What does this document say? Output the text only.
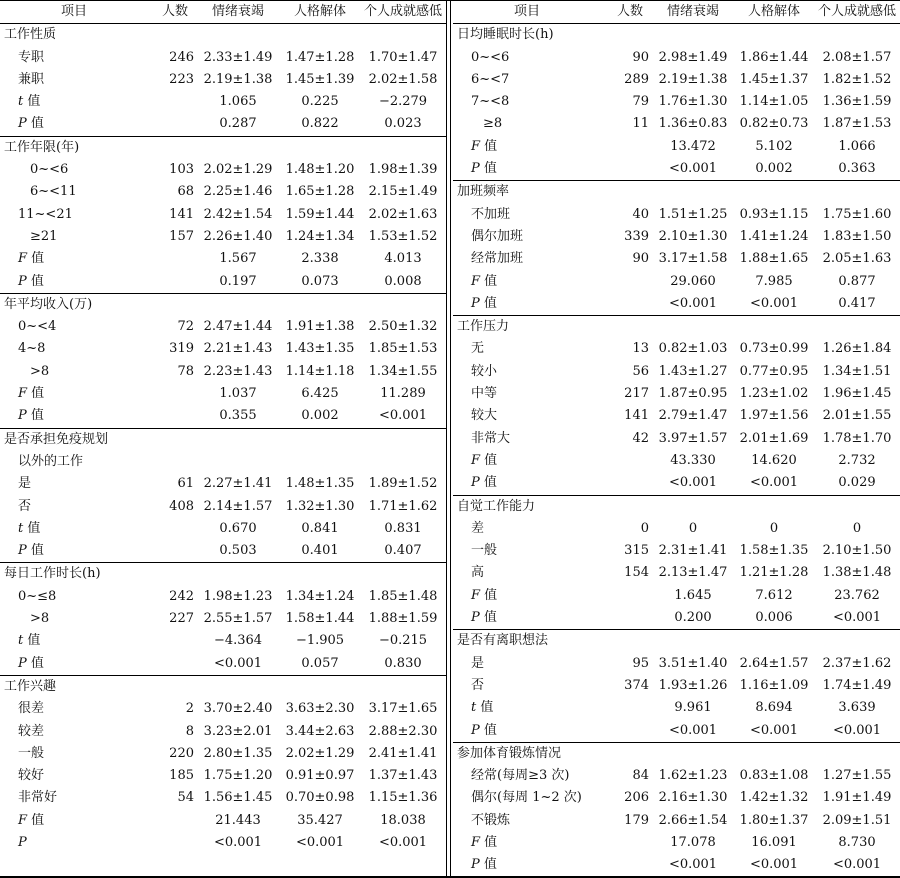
项目	人数	情绪衰竭	人格解体	个人成就感低
工作性质
专职	246 2.33±1.49 1.47±1.28	1.70±1.47
兼职	223 2.19±1.38 1.45±1.39	2.02±1.58
t 值	1.065	0.225	−2.279
P 值	0.287	0.822	0.023
工作年限(年)
0~<6	103 2.02±1.29 1.48±1.20	1.98±1.39
6~<11	68 2.25±1.46 1.65±1.28	2.15±1.49
11~<21	141 2.42±1.54 1.59±1.44	2.02±1.63
≥21	157 2.26±1.40 1.24±1.34	1.53±1.52
F 值	1.567	2.338	4.013
P 值	0.197	0.073	0.008
年平均收入(万)
0~<4	72 2.47±1.44 1.91±1.38	2.50±1.32
4~8	319 2.21±1.43 1.43±1.35	1.85±1.53
>8	78 2.23±1.43 1.14±1.18	1.34±1.55
F 值	1.037	6.425	11.289
P 值	0.355	0.002	<0.001
是否承担免疫规划
以外的工作
是	61 2.27±1.41 1.48±1.35	1.89±1.52
否	408 2.14±1.57 1.32±1.30	1.71±1.62
t 值	0.670	0.841	0.831
P 值	0.503	0.401	0.407
每日工作时长(h)
0~≤8	242 1.98±1.23 1.34±1.24	1.85±1.48
>8	227 2.55±1.57 1.58±1.44	1.88±1.59
t 值	−4.364	−1.905	−0.215
P 值	<0.001	0.057	0.830
工作兴趣
很差	2 3.70±2.40 3.63±2.30	3.17±1.65
较差	8 3.23±2.01 3.44±2.63	2.88±2.30
一般	220 2.80±1.35 2.02±1.29	2.41±1.41
较好	185 1.75±1.20 0.91±0.97	1.37±1.43
非常好	54 1.56±1.45 0.70±0.98	1.15±1.36
F 值	21.443	35.427	18.038
P	<0.001	<0.001	<0.001
项目	人数	情绪衰竭	人格解体	个人成就感低
日均睡眠时长(h)
0~<6	90 2.98±1.49 1.86±1.44	2.08±1.57
6~<7	289 2.19±1.38 1.45±1.37	1.82±1.52
7~<8	79 1.76±1.30 1.14±1.05	1.36±1.59
≥8	11 1.36±0.83 0.82±0.73	1.87±1.53
F 值	13.472	5.102	1.066
P 值	<0.001	0.002	0.363
加班频率
不加班	40 1.51±1.25 0.93±1.15	1.75±1.60
偶尔加班	339 2.10±1.30 1.41±1.24	1.83±1.50
经常加班	90 3.17±1.58 1.88±1.65	2.05±1.63
F 值	29.060	7.985	0.877
P 值	<0.001	<0.001	0.417
工作压力
无	13 0.82±1.03 0.73±0.99	1.26±1.84
较小	56 1.43±1.27 0.77±0.95	1.34±1.51
中等	217 1.87±0.95 1.23±1.02	1.96±1.45
较大	141 2.79±1.47 1.97±1.56	2.01±1.55
非常大	42 3.97±1.57 2.01±1.69	1.78±1.70
F 值	43.330	14.620	2.732
P 值	<0.001	<0.001	0.029
自觉工作能力
差	0	0	0	0
一般	315 2.31±1.41 1.58±1.35	2.10±1.50
高	154 2.13±1.47 1.21±1.28	1.38±1.48
F 值	1.645	7.612	23.762
P 值	0.200	0.006	<0.001
是否有离职想法
是	95 3.51±1.40 2.64±1.57	2.37±1.62
否	374 1.93±1.26 1.16±1.09	1.74±1.49
t 值	9.961	8.694	3.639
P 值	<0.001	<0.001	<0.001
参加体育锻炼情况
经常(每周≥3 次)	84 1.62±1.23 0.83±1.08	1.27±1.55
偶尔(每周 1~2 次)	206 2.16±1.30 1.42±1.32	1.91±1.49
不锻炼	179 2.66±1.54 1.80±1.37	2.09±1.51
F 值	17.078	16.091	8.730
P 值	<0.001	<0.001	<0.001
